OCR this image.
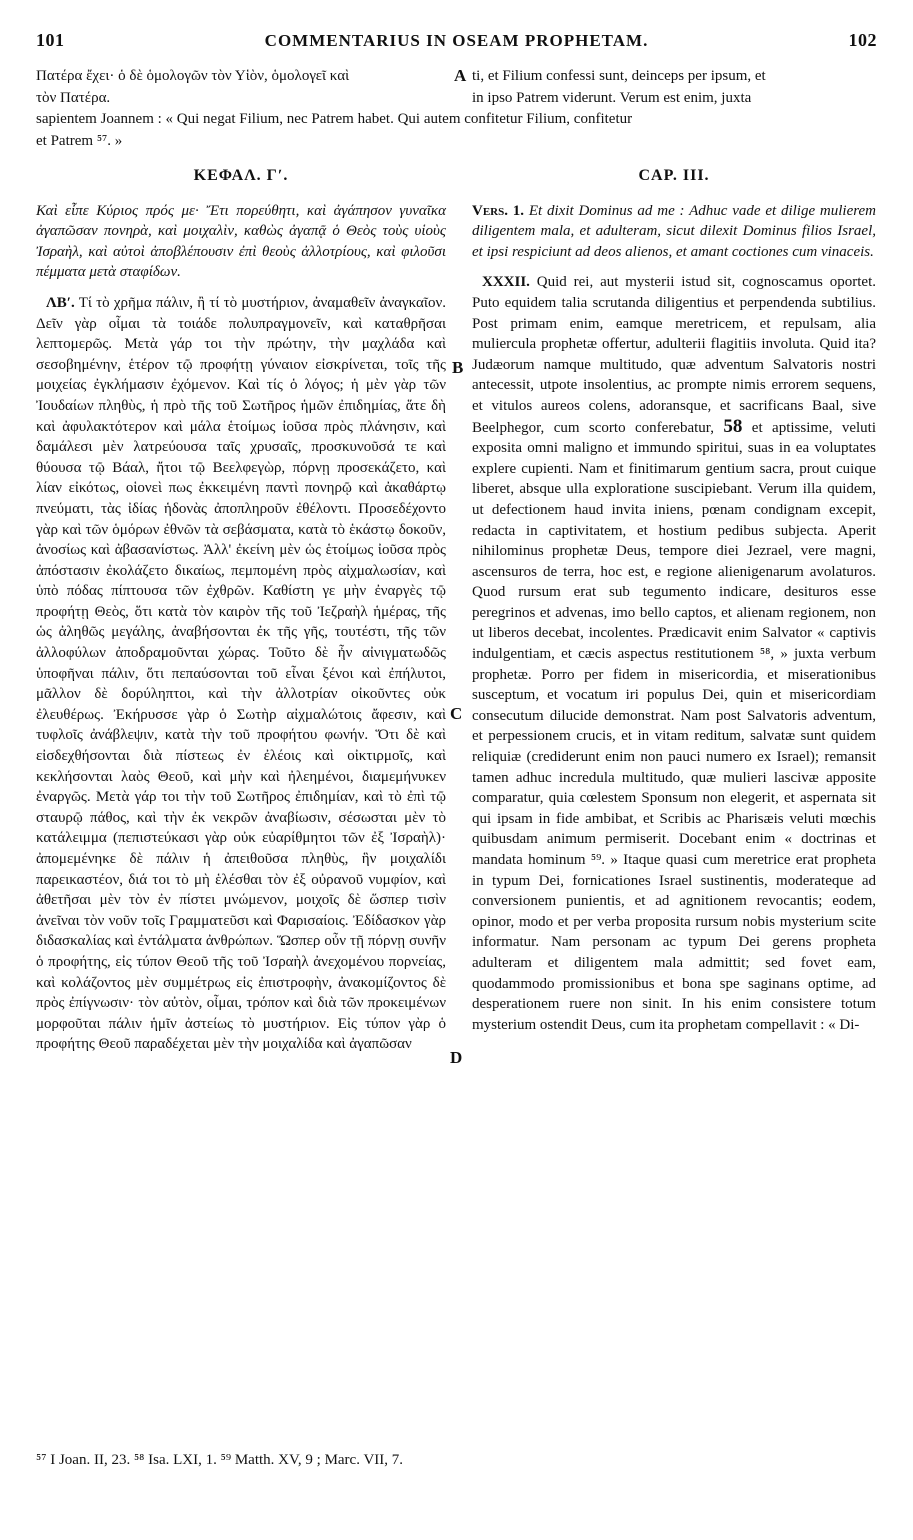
101	COMMENTARIUS IN OSEAM PROPHETAM.	102
Πατέρα ἔχει· ὁ δὲ ὁμολογῶν τὸν Υἱὸν, ὁμολογεῖ καὶ	ti, et Filium confessi sunt, deinceps per ipsum, et
τὸν Πατέρα.	in ipso Patrem viderunt. Verum est enim, juxta
sapientem Joannem : « Qui negat Filium, nec Patrem habet. Qui autem confitetur Filium, confitetur
et Patrem ⁵⁷. »
A
B
C
D
ΚΕΦΑΛ. Γʹ.
Καὶ εἶπε Κύριος πρός με· Ἔτι πορεύθητι, καὶ ἀγάπησον γυναῖκα ἀγαπῶσαν πονηρὰ, καὶ μοιχαλὶν, καθὼς ἀγαπᾷ ὁ Θεὸς τοὺς υἱοὺς Ἰσραὴλ, καὶ αὐτοὶ ἀποβλέπουσιν ἐπὶ θεοὺς ἀλλοτρίους, καὶ φιλοῦσι πέμματα μετὰ σταφίδων.
ΛΒʹ. Τί τὸ χρῆμα πάλιν, ἢ τί τὸ μυστήριον, ἀναμαθεῖν ἀναγκαῖον. Δεῖν γὰρ οἶμαι τὰ τοιάδε πολυπραγμονεῖν, καὶ καταθρῆσαι λεπτομερῶς. Μετὰ γάρ τοι τὴν πρώτην, τὴν μαχλάδα καὶ σεσοβημένην, ἑτέρον τῷ προφήτῃ γύναιον εἰσκρίνεται, τοῖς τῆς μοιχείας ἐγκλήμασιν ἐχόμενον. Καὶ τίς ὁ λόγος; ἡ μὲν γὰρ τῶν Ἰουδαίων πληθὺς, ἡ πρὸ τῆς τοῦ Σωτῆρος ἡμῶν ἐπιδημίας, ἅτε δὴ καὶ ἀφυλακτότερον καὶ μάλα ἑτοίμως ἰοῦσα πρὸς πλάνησιν, καὶ δαμάλεσι μὲν λατρεύουσα ταῖς χρυσαῖς, προσκυνοῦσά τε καὶ θύουσα τῷ Βάαλ, ἤτοι τῷ Βεελφεγὼρ, πόρνῃ προσεκάζετο, καὶ λίαν εἰκότως, οἱονεὶ πως ἐκκειμένη παντὶ πονηρῷ καὶ ἀκαθάρτῳ πνεύματι, τὰς ἰδίας ἡδονὰς ἀποπληροῦν ἐθέλοντι. Προσεδέχοντο γὰρ καὶ τῶν ὁμόρων ἐθνῶν τὰ σεβάσματα, κατὰ τὸ ἑκάστῳ δοκοῦν, ἀνοσίως καὶ ἀβασανίστως. Ἀλλ' ἐκείνη μὲν ὡς ἑτοίμως ἰοῦσα πρὸς ἀπόστασιν ἐκολάζετο δικαίως, πεμπομένη πρὸς αἰχμαλωσίαν, καὶ ὑπὸ πόδας πίπτουσα τῶν ἐχθρῶν. Καθίστη γε μὴν ἐναργὲς τῷ προφήτῃ Θεὸς, ὅτι κατὰ τὸν καιρὸν τῆς τοῦ Ἰεζραὴλ ἡμέρας, τῆς ὡς ἀληθῶς μεγάλης, ἀναβήσονται ἐκ τῆς γῆς, τουτέστι, τῆς τῶν ἀλλοφύλων ἀποδραμοῦνται χώρας. Τοῦτο δὲ ἦν αἰνιγματωδῶς ὑποφῆναι πάλιν, ὅτι πεπαύσονται τοῦ εἶναι ξένοι καὶ ἐπήλυτοι, μᾶλλον δὲ δορύληπτοι, καὶ τὴν ἀλλοτρίαν οἰκοῦντες οὐκ ἐλευθέρως. Ἐκήρυσσε γὰρ ὁ Σωτὴρ αἰχμαλώτοις ἄφεσιν, καὶ τυφλοῖς ἀνάβλεψιν, κατὰ τὴν τοῦ προφήτου φωνήν. Ὅτι δὲ καὶ εἰσδεχθήσονται διὰ πίστεως ἐν ἐλέοις καὶ οἰκτιρμοῖς, καὶ κεκλήσονται λαὸς Θεοῦ, καὶ μὴν καὶ ἠλεημένοι, διαμεμήνυκεν ἐναργῶς. Μετὰ γάρ τοι τὴν τοῦ Σωτῆρος ἐπιδημίαν, καὶ τὸ ἐπὶ τῷ σταυρῷ πάθος, καὶ τὴν ἐκ νεκρῶν ἀναβίωσιν, σέσωσται μὲν τὸ κατάλειμμα (πεπιστεύκασι γὰρ οὐκ εὐαρίθμητοι τῶν ἐξ Ἰσραὴλ)· ἀπομεμένηκε δὲ πάλιν ἡ ἀπειθοῦσα πληθὺς, ἣν μοιχαλίδι παρεικαστέον, διά τοι τὸ μὴ ἑλέσθαι τὸν ἐξ οὐρανοῦ νυμφίον, καὶ ἀθετῆσαι μὲν τὸν ἐν πίστει μνώμενον, μοιχοῖς δὲ ὥσπερ τισὶν ἀνεῖναι τὸν νοῦν τοῖς Γραμματεῦσι καὶ Φαρισαίοις. Ἐδίδασκον γὰρ διδασκαλίας καὶ ἐντάλματα ἀνθρώπων. Ὥσπερ οὖν τῇ πόρνῃ συνῆν ὁ προφήτης, εἰς τύπον Θεοῦ τῆς τοῦ Ἰσραὴλ ἀνεχομένου πορνείας, καὶ κολάζοντος μὲν συμμέτρως εἰς ἐπιστροφὴν, ἀνακομίζοντος δὲ πρὸς ἐπίγνωσιν· τὸν αὐτὸν, οἶμαι, τρόπον καὶ διὰ τῶν προκειμένων μορφοῦται πάλιν ἡμῖν ἀστείως τὸ μυστήριον. Εἰς τύπον γὰρ ὁ προφήτης Θεοῦ παραδέχεται μὲν τὴν μοιχαλίδα καὶ ἀγαπῶσαν
CAP. III.
Vers. 1. Et dixit Dominus ad me : Adhuc vade et dilige mulierem diligentem mala, et adulteram, sicut dilexit Dominus filios Israel, et ipsi respiciunt ad deos alienos, et amant coctiones cum vinaceis.
XXXII. Quid rei, aut mysterii istud sit, cognoscamus oportet. Puto equidem talia scrutanda diligentius et perpendenda subtilius. Post primam enim, eamque meretricem, et repulsam, alia muliercula prophetæ offertur, adulterii flagitiis involuta. Quid ita? Judæorum namque multitudo, quæ adventum Salvatoris nostri antecessit, utpote insolentius, ac prompte nimis errorem sequens, et vitulos aureos colens, adoransque, et sacrificans Baal, sive Beelphegor, cum scorto conferebatur, 58 et aptissime, veluti exposita omni maligno et immundo spiritui, suas in ea voluptates explere cupienti. Nam et finitimarum gentium sacra, prout cuique liberet, absque ulla exploratione suscipiebant. Verum illa quidem, ut defectionem haud invita iniens, pœnam condignam excepit, redacta in captivitatem, et hostium pedibus subjecta. Aperit nihilominus prophetæ Deus, tempore diei Jezrael, vere magni, ascensuros de terra, hoc est, e regione alienigenarum avolaturos. Quod rursum erat sub tegumento indicare, desituros esse peregrinos et advenas, imo bello captos, et alienam regionem, non ut liberos decebat, incolentes. Prædicavit enim Salvator « captivis indulgentiam, et cæcis aspectus restitutionem ⁵⁸, » juxta verbum prophetæ. Porro per fidem in misericordia, et miserationibus susceptum, et vocatum iri populus Dei, quin et misericordiam consecutum dilucide demonstrat. Nam post Salvatoris adventum, et perpessionem crucis, et in vitam reditum, salvatæ sunt quidem reliquiæ (crediderunt enim non pauci numero ex Israel); remansit tamen adhuc incredula multitudo, quæ mulieri lascivæ apposite comparatur, quia cœlestem Sponsum non elegerit, et aspernata sit qui ipsam in fide ambibat, et Scribis ac Pharisæis veluti mœchis quibusdam animum permiserit. Docebant enim « doctrinas et mandata hominum ⁵⁹. » Itaque quasi cum meretrice erat propheta in typum Dei, fornicationes Israel sustinentis, moderateque ad conversionem punientis, et ad agnitionem revocantis; eodem, opinor, modo et per verba proposita rursum nobis mysterium scite informatur. Nam personam ac typum Dei gerens propheta adulteram et diligentem mala admittit; sed fovet eam, quodammodo promissionibus et bona spe saginans optime, ad desperationem ruere non sinit. In his enim consistere totum mysterium ostendit Deus, cum ita prophetam compellavit : « Di-
⁵⁷ I Joan. II, 23. ⁵⁸ Isa. LXI, 1. ⁵⁹ Matth. XV, 9 ; Marc. VII, 7.
